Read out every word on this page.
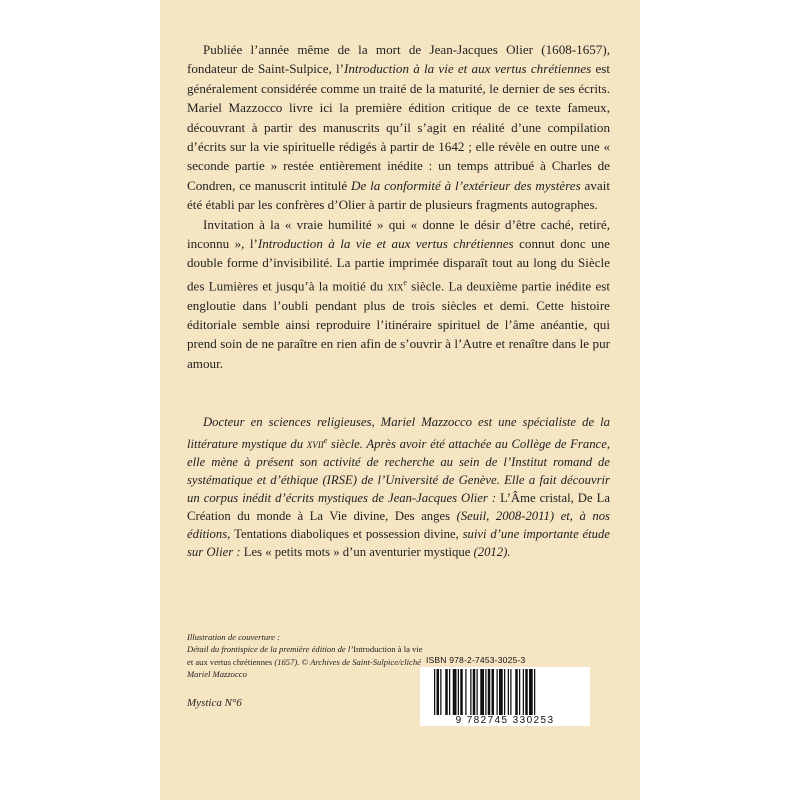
Publiée l’année même de la mort de Jean-Jacques Olier (1608-1657), fondateur de Saint-Sulpice, l’Introduction à la vie et aux vertus chrétiennes est généralement considérée comme un traité de la maturité, le dernier de ses écrits. Mariel Mazzocco livre ici la première édition critique de ce texte fameux, découvrant à partir des manuscrits qu’il s’agit en réalité d’une compilation d’écrits sur la vie spirituelle rédigés à partir de 1642 ; elle révèle en outre une « seconde partie » restée entièrement inédite : un temps attribué à Charles de Condren, ce manuscrit intitulé De la conformité à l’extérieur des mystères avait été établi par les confrères d’Olier à partir de plusieurs fragments autographes.

Invitation à la « vraie humilité » qui « donne le désir d’être caché, retiré, inconnu », l’Introduction à la vie et aux vertus chrétiennes connut donc une double forme d’invisibilité. La partie imprimée disparaît tout au long du Siècle des Lumières et jusqu’à la moitié du xix$^e$ siècle. La deuxième partie inédite est engloutie dans l’oubli pendant plus de trois siècles et demi. Cette histoire éditoriale semble ainsi reproduire l’itinéraire spirituel de l’âme anéantie, qui prend soin de ne paraître en rien afin de s’ouvrir à l’Autre et renaître dans le pur amour.

Docteur en sciences religieuses, Mariel Mazzocco est une spécialiste de la littérature mystique du xvii$^e$ siècle. Après avoir été attachée au Collège de France, elle mène à présent son activité de recherche au sein de l’Institut romand de systématique et d’éthique (IRSE) de l’Université de Genève. Elle a fait découvrir un corpus inédit d’écrits mystiques de Jean-Jacques Olier : L’Âme cristal, De La Création du monde à La Vie divine, Des anges (Seuil, 2008-2011) et, à nos éditions, Tentations diaboliques et possession divine, suivi d’une importante étude sur Olier : Les « petits mots » d’un aventurier mystique (2012).
Illustration de couverture :
Détail du frontispice de la première édition de l’Introduction à la vie et aux vertus chrétiennes (1657). © Archives de Saint-Sulpice/cliché Mariel Mazzocco
Mystica N°6
ISBN 978-2-7453-3025-3
9 782745 330253
